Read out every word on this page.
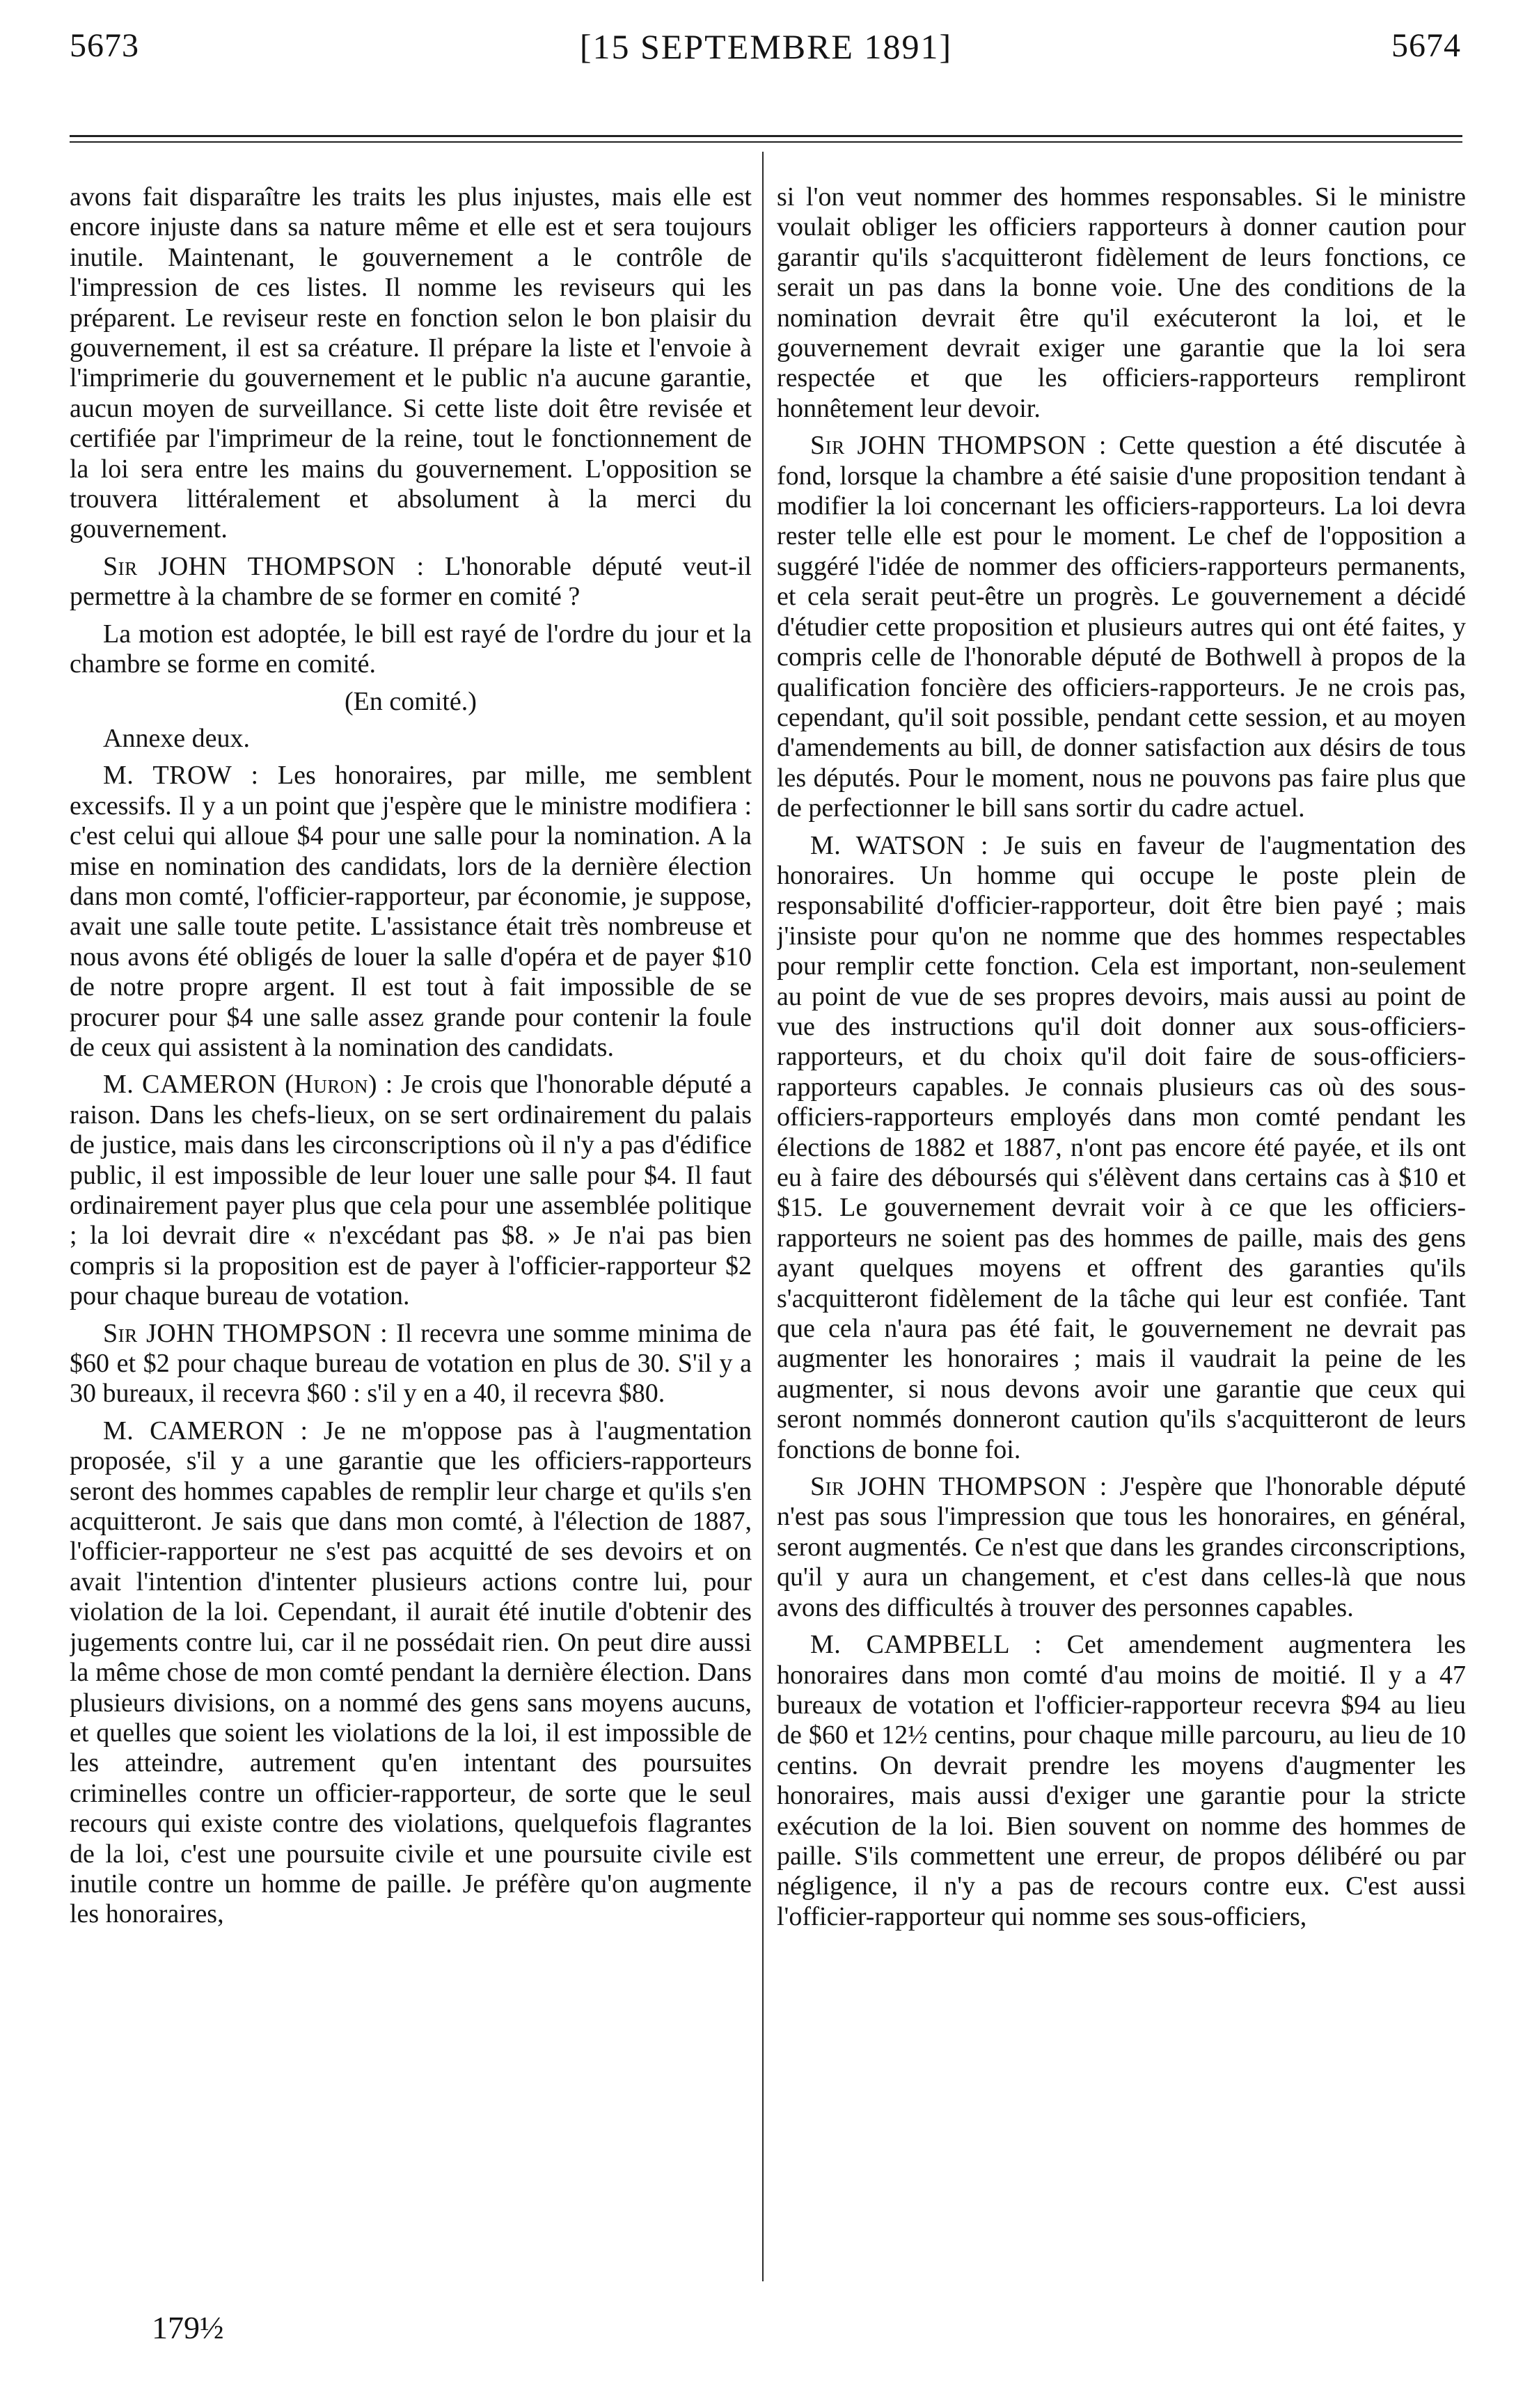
5673	[15 SEPTEMBRE 1891]	5674

avons fait disparaître les traits les plus injustes, mais elle est encore injuste dans sa nature même et elle est et sera toujours inutile. Maintenant, le gouvernement a le contrôle de l'impression de ces listes. Il nomme les reviseurs qui les préparent. Le reviseur reste en fonction selon le bon plaisir du gouvernement, il est sa créature. Il prépare la liste et l'envoie à l'imprimerie du gouvernement et le public n'a aucune garantie, aucun moyen de surveillance. Si cette liste doit être revisée et certifiée par l'imprimeur de la reine, tout le fonctionnement de la loi sera entre les mains du gouvernement. L'opposition se trouvera littéralement et absolument à la merci du gouvernement.

Sir JOHN THOMPSON : L'honorable député veut-il permettre à la chambre de se former en comité ?

La motion est adoptée, le bill est rayé de l'ordre du jour et la chambre se forme en comité.

(En comité.)

Annexe deux.

M. TROW : Les honoraires, par mille, me semblent excessifs. Il y a un point que j'espère que le ministre modifiera : c'est celui qui alloue $4 pour une salle pour la nomination. A la mise en nomination des candidats, lors de la dernière élection dans mon comté, l'officier-rapporteur, par économie, je suppose, avait une salle toute petite. L'assistance était très nombreuse et nous avons été obligés de louer la salle d'opéra et de payer $10 de notre propre argent. Il est tout à fait impossible de se procurer pour $4 une salle assez grande pour contenir la foule de ceux qui assistent à la nomination des candidats.

M. CAMERON (Huron) : Je crois que l'honorable député a raison. Dans les chefs-lieux, on se sert ordinairement du palais de justice, mais dans les circonscriptions où il n'y a pas d'édifice public, il est impossible de leur louer une salle pour $4. Il faut ordinairement payer plus que cela pour une assemblée politique ; la loi devrait dire « n'excédant pas $8. » Je n'ai pas bien compris si la proposition est de payer à l'officier-rapporteur $2 pour chaque bureau de votation.

Sir JOHN THOMPSON : Il recevra une somme minima de $60 et $2 pour chaque bureau de votation en plus de 30. S'il y a 30 bureaux, il recevra $60 : s'il y en a 40, il recevra $80.

M. CAMERON : Je ne m'oppose pas à l'augmentation proposée, s'il y a une garantie que les officiers-rapporteurs seront des hommes capables de remplir leur charge et qu'ils s'en acquitteront. Je sais que dans mon comté, à l'élection de 1887, l'officier-rapporteur ne s'est pas acquitté de ses devoirs et on avait l'intention d'intenter plusieurs actions contre lui, pour violation de la loi. Cependant, il aurait été inutile d'obtenir des jugements contre lui, car il ne possédait rien. On peut dire aussi la même chose de mon comté pendant la dernière élection. Dans plusieurs divisions, on a nommé des gens sans moyens aucuns, et quelles que soient les violations de la loi, il est impossible de les atteindre, autrement qu'en intentant des poursuites criminelles contre un officier-rapporteur, de sorte que le seul recours qui existe contre des violations, quelquefois flagrantes de la loi, c'est une poursuite civile et une poursuite civile est inutile contre un homme de paille. Je préfère qu'on augmente les honoraires,

si l'on veut nommer des hommes responsables. Si le ministre voulait obliger les officiers rapporteurs à donner caution pour garantir qu'ils s'acquitteront fidèlement de leurs fonctions, ce serait un pas dans la bonne voie. Une des conditions de la nomination devrait être qu'il exécuteront la loi, et le gouvernement devrait exiger une garantie que la loi sera respectée et que les officiers-rapporteurs rempliront honnêtement leur devoir.

Sir JOHN THOMPSON : Cette question a été discutée à fond, lorsque la chambre a été saisie d'une proposition tendant à modifier la loi concernant les officiers-rapporteurs. La loi devra rester telle elle est pour le moment. Le chef de l'opposition a suggéré l'idée de nommer des officiers-rapporteurs permanents, et cela serait peut-être un progrès. Le gouvernement a décidé d'étudier cette proposition et plusieurs autres qui ont été faites, y compris celle de l'honorable député de Bothwell à propos de la qualification foncière des officiers-rapporteurs. Je ne crois pas, cependant, qu'il soit possible, pendant cette session, et au moyen d'amendements au bill, de donner satisfaction aux désirs de tous les députés. Pour le moment, nous ne pouvons pas faire plus que de perfectionner le bill sans sortir du cadre actuel.

M. WATSON : Je suis en faveur de l'augmentation des honoraires. Un homme qui occupe le poste plein de responsabilité d'officier-rapporteur, doit être bien payé ; mais j'insiste pour qu'on ne nomme que des hommes respectables pour remplir cette fonction. Cela est important, non-seulement au point de vue de ses propres devoirs, mais aussi au point de vue des instructions qu'il doit donner aux sous-officiers-rapporteurs, et du choix qu'il doit faire de sous-officiers-rapporteurs capables. Je connais plusieurs cas où des sous-officiers-rapporteurs employés dans mon comté pendant les élections de 1882 et 1887, n'ont pas encore été payée, et ils ont eu à faire des déboursés qui s'élèvent dans certains cas à $10 et $15. Le gouvernement devrait voir à ce que les officiers-rapporteurs ne soient pas des hommes de paille, mais des gens ayant quelques moyens et offrent des garanties qu'ils s'acquitteront fidèlement de la tâche qui leur est confiée. Tant que cela n'aura pas été fait, le gouvernement ne devrait pas augmenter les honoraires ; mais il vaudrait la peine de les augmenter, si nous devons avoir une garantie que ceux qui seront nommés donneront caution qu'ils s'acquitteront de leurs fonctions de bonne foi.

Sir JOHN THOMPSON : J'espère que l'honorable député n'est pas sous l'impression que tous les honoraires, en général, seront augmentés. Ce n'est que dans les grandes circonscriptions, qu'il y aura un changement, et c'est dans celles-là que nous avons des difficultés à trouver des personnes capables.

M. CAMPBELL : Cet amendement augmentera les honoraires dans mon comté d'au moins de moitié. Il y a 47 bureaux de votation et l'officier-rapporteur recevra $94 au lieu de $60 et 12½ centins, pour chaque mille parcouru, au lieu de 10 centins. On devrait prendre les moyens d'augmenter les honoraires, mais aussi d'exiger une garantie pour la stricte exécution de la loi. Bien souvent on nomme des hommes de paille. S'ils commettent une erreur, de propos délibéré ou par négligence, il n'y a pas de recours contre eux. C'est aussi l'officier-rapporteur qui nomme ses sous-officiers,

179½
